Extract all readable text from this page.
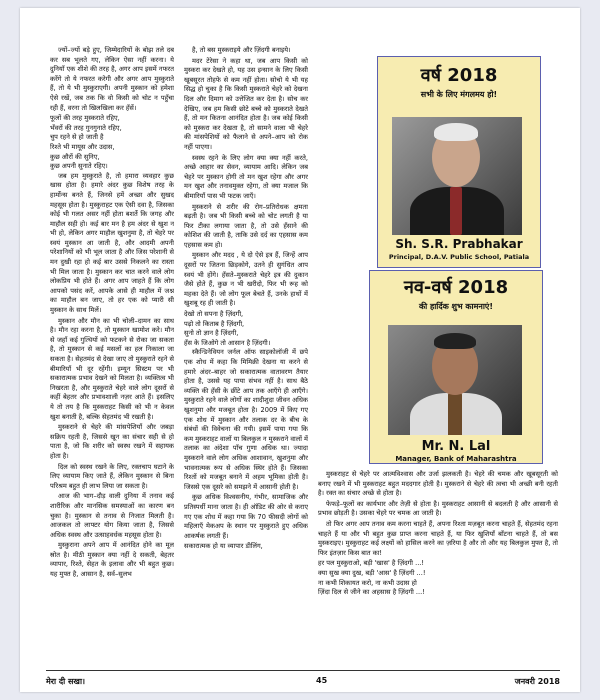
ज्यों–ज्यों बड़े हुए, जिम्मेदारियों के बोझ तले दब कर सब भूलते गए, लेकिन ऐसा नहीं करना। ये दुनियाँ एक शीशे की तरह है, अगर आप इसमें नफरत करेंगे तो ये नफरत करेगी और अगर आप मुस्कुराते हैं, तो ये भी मुस्कुराएगी। अपनी मुस्कान को हमेशा ऐसे रखें, जब तक कि वो किसी को चोट न पहुँचा रही हैं, वरना तो खिलखिला कर हँसें।

फूलों की तरह मुस्कराते रहिए,

भँवरों की तरह गुनगुनाते रहिए,

चुप रहने से हो जाती है

रिश्ते भी मायूस और उदास,

कुछ औरों की सुनिए,

कुछ अपनी सुनाते रहिए।

जब हम मुस्कुराते है, तो हमारा व्यवहार कुछ खास होता है। हमारे अंदर कुछ विशेष तरह के हार्मोन्स बनते हैं, जिनसे हमें अच्छा और सुखद महसूस होता है। मुस्कुराहट एक ऐसी दवा है, जिसका कोई भी गलत असर नहीं होता बशर्ते कि जगह और माहौल सही हो। कई बार मन है हम अंदर से खुश न भी हो, लेकिन अगर माहौल खुशनुमा है, तो चेहरे पर स्वयं मुस्कान आ जाती है, और आदमी अपनी परेशानियों को भी भूल जाता है और जिस परेशानी से मन दुखी रहा हो कई बार उससे निकलने का रास्ता भी मिल जाता है। मुस्कान कर चात करने वाले लोग लोकप्रिय भी होते हैं। अगर आप जाहते हैं कि लोग आपको पसंद करें, आपके आसे ही माहौल में जश्न का माहौल बन जाए, तो हर एक को प्यारी सी मुस्कान के साथ मिलें।

मुस्कान और मौन का भी चोली–दामन का साथ है। मौन रहा करना है, तो मुस्कान खामोश करे। मौन से जहाँ कई गुत्थियों को फटकने से रोका जा सकता है, तो मुस्कान से कई मसलों का हल निकाला जा सकता है। सेहतमंद से देखा जाए तो मुस्कुराते रहने से बीमारियाँ भी दूर रहेंगी। इम्यून सिस्टम पर भी सकारात्मक प्रभाव देखने को मिलता है। व्यक्तित्व भी निखरता है, और मुस्कुराते चेहरे वाले लोग दूसरों से कहीं बेहतर और प्रभावशाली नज़र आते हैं। इसलिए ये तो तय है कि मुस्कराहट किसी को भी न केवल खुश बनाती है, बल्कि सेहतमंद भी रखती है।

मुस्कराने से चेहरे की मांसपेशियाँ और जबड़ा सक्रिय रहती है, जिससे खून का संचार सही से हो पाता है, जो कि शरीर को स्वस्थ रखने में सहायक होता है।

दिल को स्वस्थ रखने के लिए, रक्तचाप घटाने के लिए व्यायाम किए जाते हैं, लेकिन मुस्कान से बिना परिश्रम बहुत ही लाभ लिया जा सकता है।

आज की भाग–दौड़ वाली दुनिया में तनाव कई शारीरिक और मानसिक समस्याओं का कारण बन चुका है। मुस्कान से तनाव से निजात मिलती है। आजकल तो लाफ्टर योग किया जाता है, जिससे अधिक स्वस्थ और उत्साहवर्धक महसूस होता है।

मुस्कुराना अपने आप में आनंदित होने का मूल स्रोत है। मीठी मुस्कान क्या नहीं दे सकती, बेहतर व्यापार, रिश्ते, सेहत के इलावा और भी बहुत कुछ। यह मुफ्त है, आसान है, सर्व–सुलभ

है, तो बस मुस्कराइये और ज़िंदगी बनाइये।

मदर टेरेसा ने कहा था, जब आप किसी को मुस्करा कर देखते हो, यह उस इन्सान के लिए किसी खूबसूरत तोहफे से कम नहीं होता। सोचो ये भी यह सिद्ध हो चुका है कि किसी मुस्कराते चेहरे को देखना दिल और दिमाग को उत्तेजित कर देता है। सोच कर देखिए, जब हम किसी छोटे बच्चे को मुस्कराते देखते हैं, तो मन कितना आनंदित होता है। जब कोई किसी को मुस्करा कर देखता है, तो सामने वाला भी चेहरे की मांसपेशियों को फैलाने से अपने–आप को रोक नहीं पाएगा।

स्वस्थ रहने के लिए लोग क्या क्या नहीं करते, अच्छे आहार का सेवन, व्यायाम आदि। लेकिन जब चेहरे पर मुस्कान होगी तो मन खुश रहेगा और अगर मन खुश और तनावमुक्त रहेगा, तो क्या मजाल कि बीमारियाँ पास भी फटक जाएँ।

मुस्कराने से शरीर की रोग–प्रतिरोधक क्षमता बढ़ती है। जब भी किसी बच्चे को चोट लगती है या फिर टीका लगाया जाता है, तो उसे हँसाने की कोशिश की जाती है, ताकि उसे दर्द का एहसास कम एहसास कम हो।

मुस्कान और मदद , ये दो ऐसे इत्र हैं, जिन्हें आप दूसरों पर जितना छिड़कोगे, उतने ही सुगंधित आप स्वयं भी होंगे। हँसते–मुस्कराते चेहरे इत्र की दुकान जैसे होते हैं, कुछ न भी खरीदो, फिर भी रूह को महका देते हैं। जो लोग फूल बेचते हैं, उनके हाथों में खुशबू रह ही जाती है।

देखो तो सपना है ज़िंदगी,

पढ़ो तो किताब है ज़िंदगी,

सुनो तो ज्ञान है ज़िंदगी,

हँस के जिओगे तो आसान है ज़िंदगी।

स्कैन्डिनेवियन जर्नल ऑफ साइकोलॉजी में छपे एक शोध में कहा कि मिमिक्री देखना या करने से हमारे अंदर–बाहर जो सकारात्मक वातावरण तैयार होता है, उससे यह पाया संभव नहीं है। साथ बैठे व्यक्ति की हँसी के छींटे आप तक आएँगे ही आएँगे। मुस्कुराते रहने वाले लोगों का शादीशुदा जीवन अधिक खुशनुमा और मजबूत होता है। 2009 में किए गए एक शोध में मुस्कान और तलाक दर के बीच के संबंधों की विवेचना की गयी। इसमें पाया गया कि कम मुस्कराहट वालों या बिलकुल न मुस्कराने वालों में तलाक का अंदेशा पाँच गुणा अधिक था। ज्यादा मुस्कराने वाले लोग अधिक आशावान, खुशनुमा और भावनात्मक रूप से अधिक स्थिर होते हैं। जिसका रिश्तों को मजबूत बनाने में अहम भूमिका होती है। जिससे एक दूसरे को समझने में आसानी होती है।

कुछ अधिक विश्वसनीय, गंभीर, सामाजिक और प्रतिस्पर्धी माना जाता है। ही ऑडिट की ओर से कराए गए एक शोध में कहा गया कि 70 फीसदी लोगों को महिलाएँ मेकअप के स्थान पर मुस्कुराते हुए अधिक आकर्षक लगती हैं।

सकारात्मक हो या व्यापार डीलिंग,

वर्ष 2018
सभी के लिए मंगलमय हो!
Sh. S.R. Prabhakar
Principal, D.A.V. Public School, Patiala
नव-वर्ष 2018
की हार्दिक शुभ कामनाएं!
Mr. N. Lal
Manager, Bank of Maharashtra

मुस्कराहट से चेहरे पर आत्मविश्वास और उर्जा झलकती है। चेहरे की चमक और खूबसूरती को बनाए रखने में भी मुस्कराहट बहुत मददगार होती है। मुस्कराने से चेहरे की त्वचा भी अच्छी बनी रहती है। रक्त का संचार अच्छे से होता है।

फेफड़े–फूलों का कार्यभार और तेज़ी से होता है। मुस्कराहट आसानी से बदलती है और आसानी से प्रभाव छोड़ती है। उसका चेहरे पर चमक आ जाती है।

तो फिर अगर आप तनाव कम करना चाहते हैं, अपना रिश्ता मज़बूत करना चाहते हैं, सेहतमंद रहना चाहते हैं या और भी बहुत कुछ प्राप्त करना चाहते हैं, या फिर खुशियाँ बाँटना चाहते हैं, तो बस मुस्कराइए। मुस्कुराहट कई लक्ष्यों को हासिल करने का ज़रिया है और तो और यह बिलकुल मुफ्त है, तो फिर इंतज़ार किस बात का!

हर पल मुस्कुराओ, बड़ी 'खास' है ज़िंदगी ...!

क्या सुख क्या दुख, बड़ी 'आस' है ज़िंदगी ...!

ना कभी शिकायत करो, ना कभी उदास हो

ज़िंदा दिल से जीने का अहसास है ज़िंदगी ...!

मेरा दी सखा।	45	जनवरी 2018
